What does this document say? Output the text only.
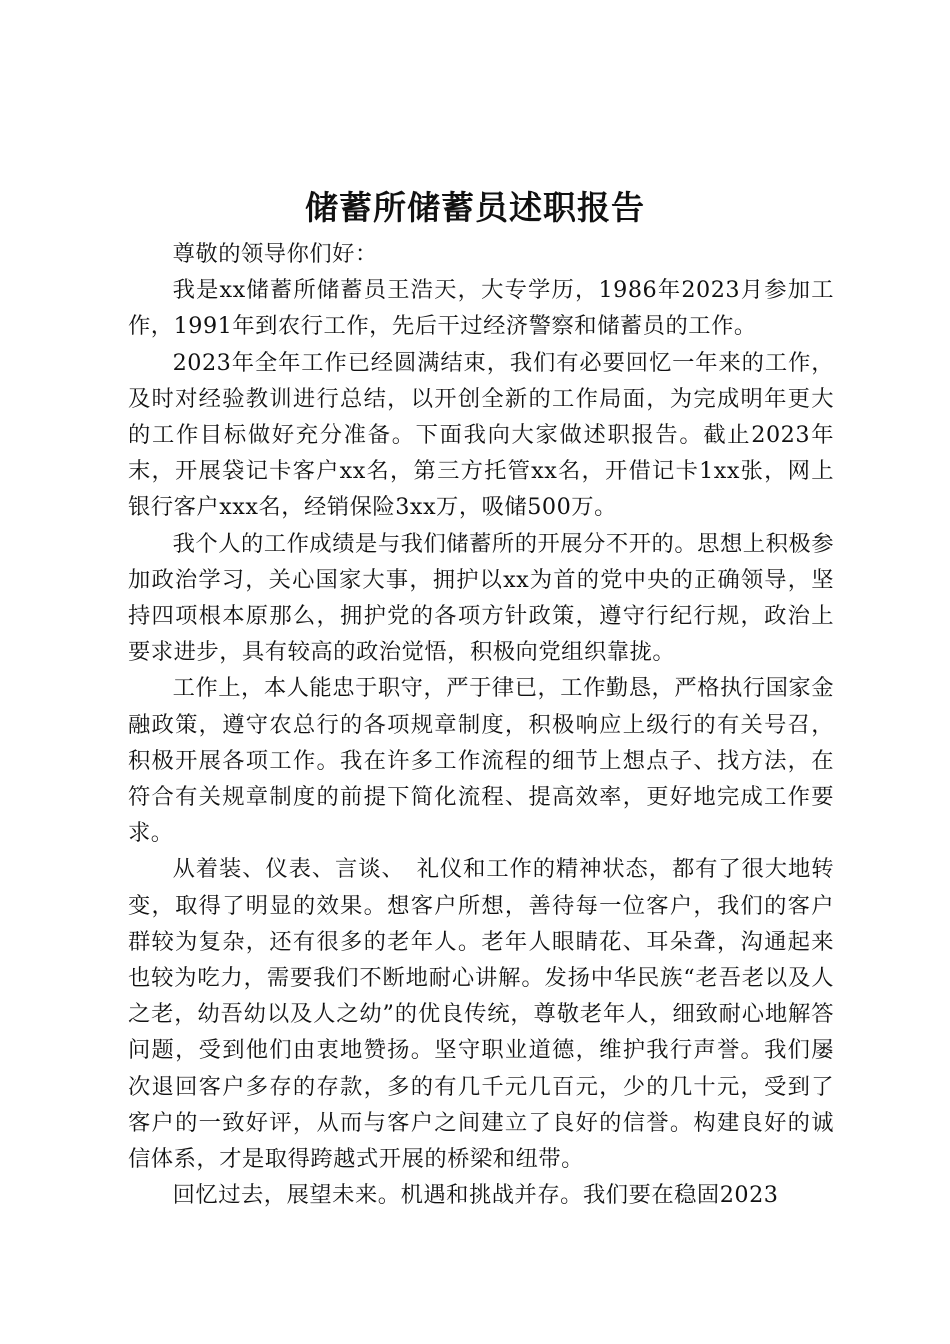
储蓄所储蓄员述职报告

尊敬的领导你们好：

我是xx储蓄所储蓄员王浩天，大专学历，1986年2023月参加工作，1991年到农行工作，先后干过经济警察和储蓄员的工作。

2023年全年工作已经圆满结束，我们有必要回忆一年来的工作，及时对经验教训进行总结，以开创全新的工作局面，为完成明年更大的工作目标做好充分准备。下面我向大家做述职报告。截止2023年末，开展袋记卡客户xx名，第三方托管xx名，开借记卡1xx张，网上银行客户xxx名，经销保险3xx万，吸储500万。

我个人的工作成绩是与我们储蓄所的开展分不开的。思想上积极参加政治学习，关心国家大事，拥护以xx为首的党中央的正确领导，坚持四项根本原那么，拥护党的各项方针政策，遵守行纪行规，政治上要求进步，具有较高的政治觉悟，积极向党组织靠拢。

工作上，本人能忠于职守，严于律已，工作勤恳，严格执行国家金融政策，遵守农总行的各项规章制度，积极响应上级行的有关号召，积极开展各项工作。我在许多工作流程的细节上想点子、找方法，在符合有关规章制度的前提下简化流程、提高效率，更好地完成工作要求。

从着装、仪表、言谈、　礼仪和工作的精神状态，都有了很大地转变，取得了明显的效果。想客户所想，善待每一位客户，我们的客户群较为复杂，还有很多的老年人。老年人眼睛花、耳朵聋，沟通起来也较为吃力，需要我们不断地耐心讲解。发扬中华民族“老吾老以及人之老，幼吾幼以及人之幼”的优良传统，尊敬老年人，细致耐心地解答问题，受到他们由衷地赞扬。坚守职业道德，维护我行声誉。我们屡次退回客户多存的存款，多的有几千元几百元，少的几十元，受到了客户的一致好评，从而与客户之间建立了良好的信誉。构建良好的诚信体系，才是取得跨越式开展的桥梁和纽带。

回忆过去，展望未来。机遇和挑战并存。我们要在稳固2023
